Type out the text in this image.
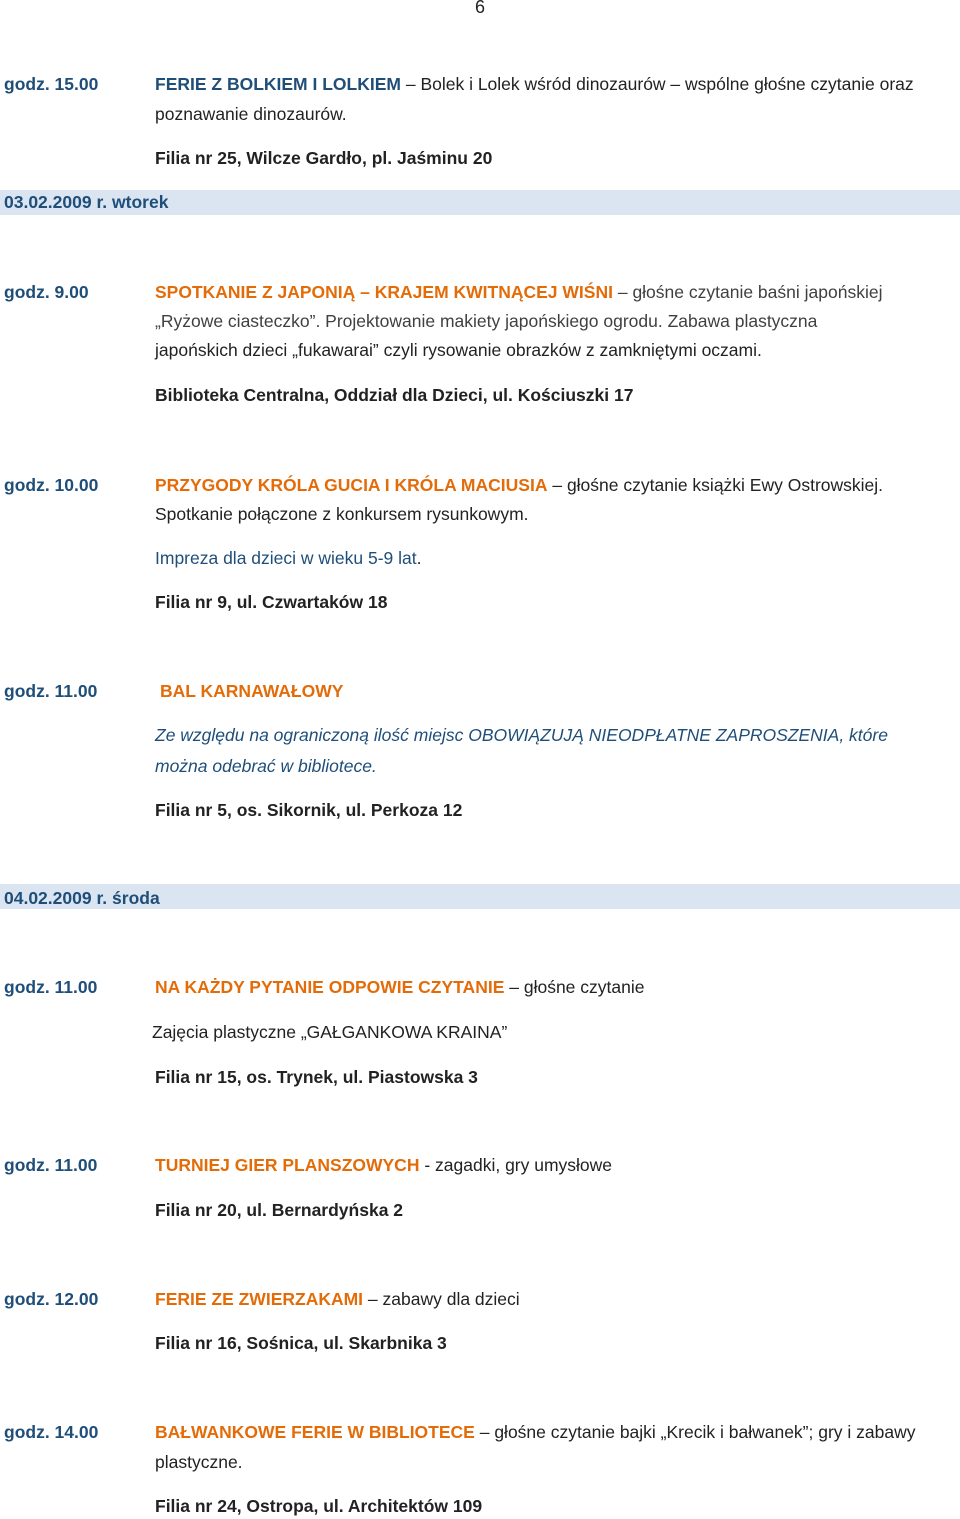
6
godz. 15.00	FERIE Z BOLKIEM I LOLKIEM – Bolek i Lolek wśród dinozaurów – wspólne głośne czytanie oraz
poznawanie dinozaurów.
Filia nr 25, Wilcze Gardło, pl. Jaśminu 20
03.02.2009 r. wtorek
godz. 9.00	SPOTKANIE Z JAPONIĄ – KRAJEM KWITNĄCEJ WIŚNI – głośne czytanie baśni japońskiej
„Ryżowe ciasteczko”. Projektowanie makiety japońskiego ogrodu. Zabawa plastyczna
japońskich dzieci „fukawarai” czyli rysowanie obrazków z zamkniętymi oczami.
Biblioteka Centralna, Oddział dla Dzieci, ul. Kościuszki 17
godz. 10.00	PRZYGODY KRÓLA GUCIA I KRÓLA MACIUSIA – głośne czytanie książki Ewy Ostrowskiej.
Spotkanie połączone z konkursem rysunkowym.
Impreza dla dzieci w wieku 5-9 lat.
Filia nr 9, ul. Czwartaków 18
godz. 11.00	BAL KARNAWAŁOWY
Ze względu na ograniczoną ilość miejsc OBOWIĄZUJĄ NIEODPŁATNE ZAPROSZENIA, które
można odebrać w bibliotece.
Filia nr 5, os. Sikornik, ul. Perkoza 12
04.02.2009 r. środa
godz. 11.00	NA KAŻDY PYTANIE ODPOWIE CZYTANIE – głośne czytanie
Zajęcia plastyczne „GAŁGANKOWA KRAINA”
Filia nr 15, os. Trynek, ul. Piastowska 3
godz. 11.00	TURNIEJ GIER PLANSZOWYCH - zagadki, gry umysłowe
Filia nr 20, ul. Bernardyńska 2
godz. 12.00	FERIE ZE ZWIERZAKAMI – zabawy dla dzieci
Filia nr 16, Sośnica, ul. Skarbnika 3
godz. 14.00	BAŁWANKOWE FERIE W BIBLIOTECE – głośne czytanie bajki „Krecik i bałwanek”; gry i zabawy
plastyczne.
Filia nr 24, Ostropa, ul. Architektów 109
